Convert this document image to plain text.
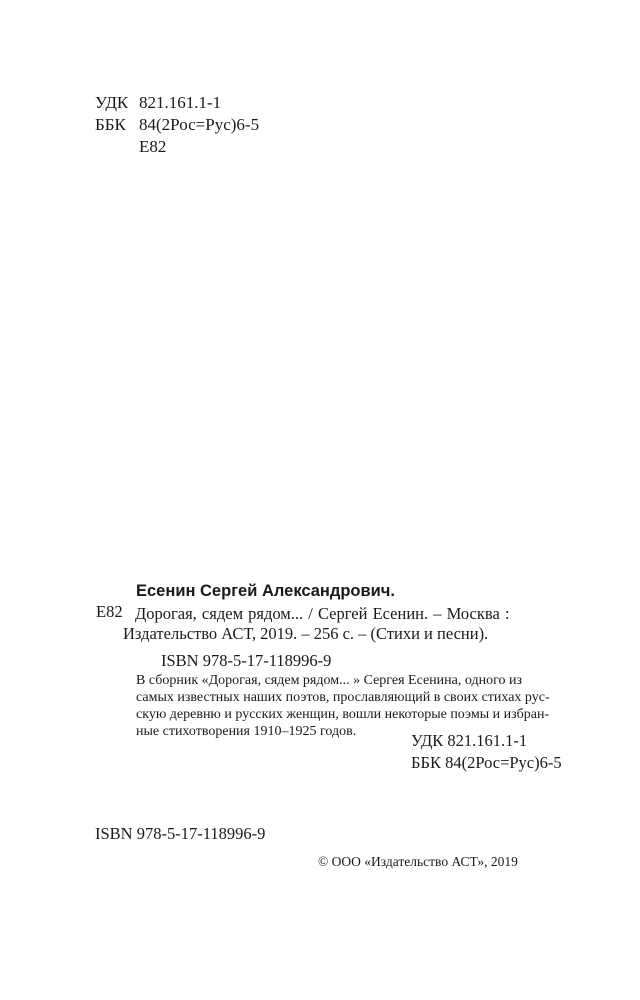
УДК 821.161.1-1
ББК 84(2Рос=Рус)6-5
Е82
Есенин Сергей Александрович.
Е82 Дорогая, сядем рядом... / Сергей Есенин. – Москва :
Издательство АСТ, 2019. – 256 с. – (Стихи и песни).
ISBN 978-5-17-118996-9
В сборник «Дорогая, сядем рядом... » Сергея Есенина, одного из
самых известных наших поэтов, прославляющий в своих стихах рус-
скую деревню и русских женщин, вошли некоторые поэмы и избран-
ные стихотворения 1910–1925 годов.	УДК 821.161.1-1
ББК 84(2Рос=Рус)6-5
ISBN 978-5-17-118996-9
© ООО «Издательство АСТ», 2019
